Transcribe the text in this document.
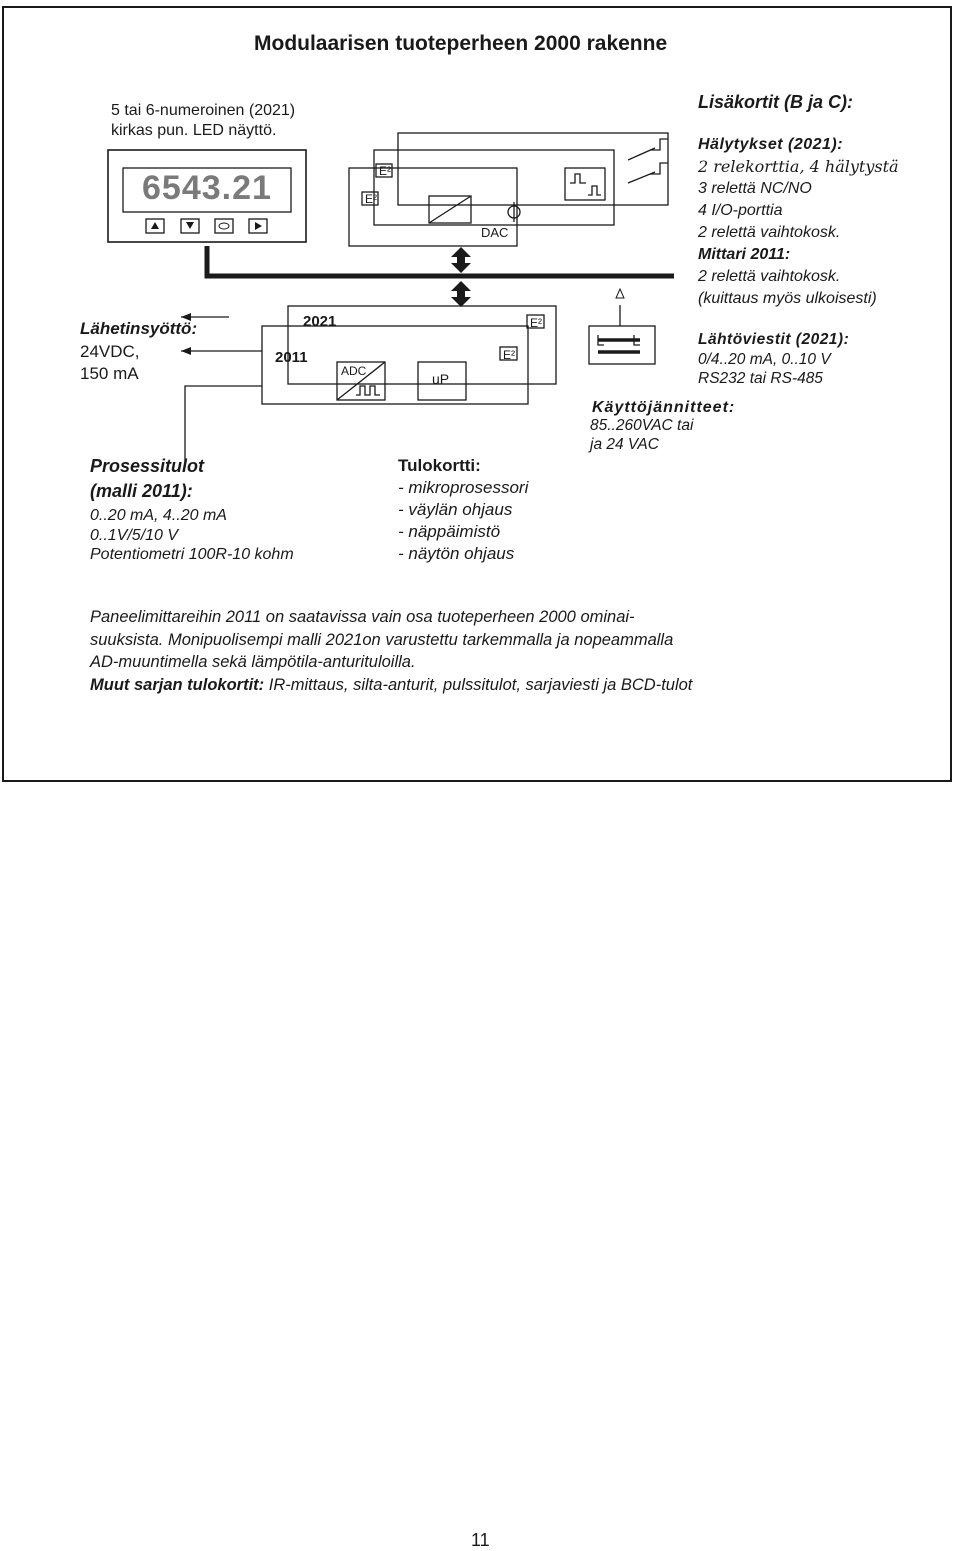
Modulaarisen tuoteperheen 2000 rakenne
5 tai 6-numeroinen (2021)
kirkas pun. LED näyttö.
6543.21	E²
E²
DAC
E²
E²
ADC	uP
2021
2011
Lähetinsyöttö:
24VDC,
150 mA
Prosessitulot
(malli 2011):
0..20 mA, 4..20 mA
0..1V/5/10 V
Potentiometri 100R-10 kohm
Tulokortti:
- mikroprosessori
- väylän ohjaus
- näppäimistö
- näytön ohjaus
Käyttöjännitteet:
85..260VAC tai
ja 24 VAC
Lisäkortit (B ja C):
Hälytykset (2021):
2 relekorttia, 4 hälytystä
3 relettä NC/NO
4 I/O-porttia
2 relettä vaihtokosk.
Mittari 2011:
2 relettä vaihtokosk.
(kuittaus myös ulkoisesti)
Lähtöviestit (2021):
0/4..20 mA, 0..10 V
RS232 tai RS-485
Paneelimittareihin 2011 on saatavissa vain osa tuoteperheen 2000 ominai-
suuksista. Monipuolisempi malli 2021on varustettu tarkemmalla ja nopeammalla
AD-muuntimella sekä lämpötila-anturituloilla.
Muut sarjan tulokortit: IR-mittaus, silta-anturit, pulssitulot, sarjaviesti ja BCD-tulot
11
